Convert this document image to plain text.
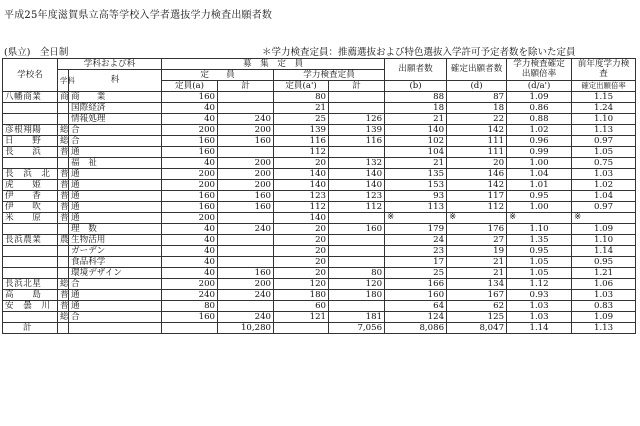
平成25年度滋賀県立高等学校入学者選抜学力検査出願者数
(県立)　全日制	＊学力検査定員：推薦選抜および特色選抜入学許可予定者数を除いた定員
学校名	学科および科		募　集　定　員				出願者数	確定出願者数	学力検査確定出願倍率	前年度学力検査
	学科	科	定　　員		学力検査定員					
			定員(a)	計	定員(a')	計	(b)	(d)	(d/a')	確定出願倍率
八幡商業	商	商　　業	160		80		88	87	1.09	1.15
		国際経済	40		21		18	18	0.86	1.24
		情報処理	40	240	25	126	21	22	0.88	1.10
彦根翔陽	総	合	200	200	139	139	140	142	1.02	1.13
日　　野	総	合	160	160	116	116	102	111	0.96	0.97
長　　浜	普	通	160		112		104	111	0.99	1.05
		福　祉	40	200	20	132	21	20	1.00	0.75
長　浜　北	普	通	200	200	140	140	135	146	1.04	1.03
虎　　姫	普	通	200	200	140	140	153	142	1.01	1.02
伊　　香	普	通	160	160	123	123	93	117	0.95	1.04
伊　　吹	普	通	160	160	112	112	113	112	1.00	0.97
米　　原	普	通	200		140		※	※	※	※
		理　数	40	240	20	160	179	176	1.10	1.09
長浜農業	農	生物活用	40		20		24	27	1.35	1.10
		ガーデン	40		20		23	19	0.95	1.14
		食品科学	40		20		17	21	1.05	0.95
		環境デザイン	40	160	20	80	25	21	1.05	1.21
長浜北星	総	合	200	200	120	120	166	134	1.12	1.06
高　　島	普	通	240	240	180	180	160	167	0.93	1.03
安　曇　川	普	通	80		60		64	62	1.03	0.83
	総	合	160	240	121	181	124	125	1.03	1.09
計				10,280		7,056	8,086	8,047	1.14	1.13
